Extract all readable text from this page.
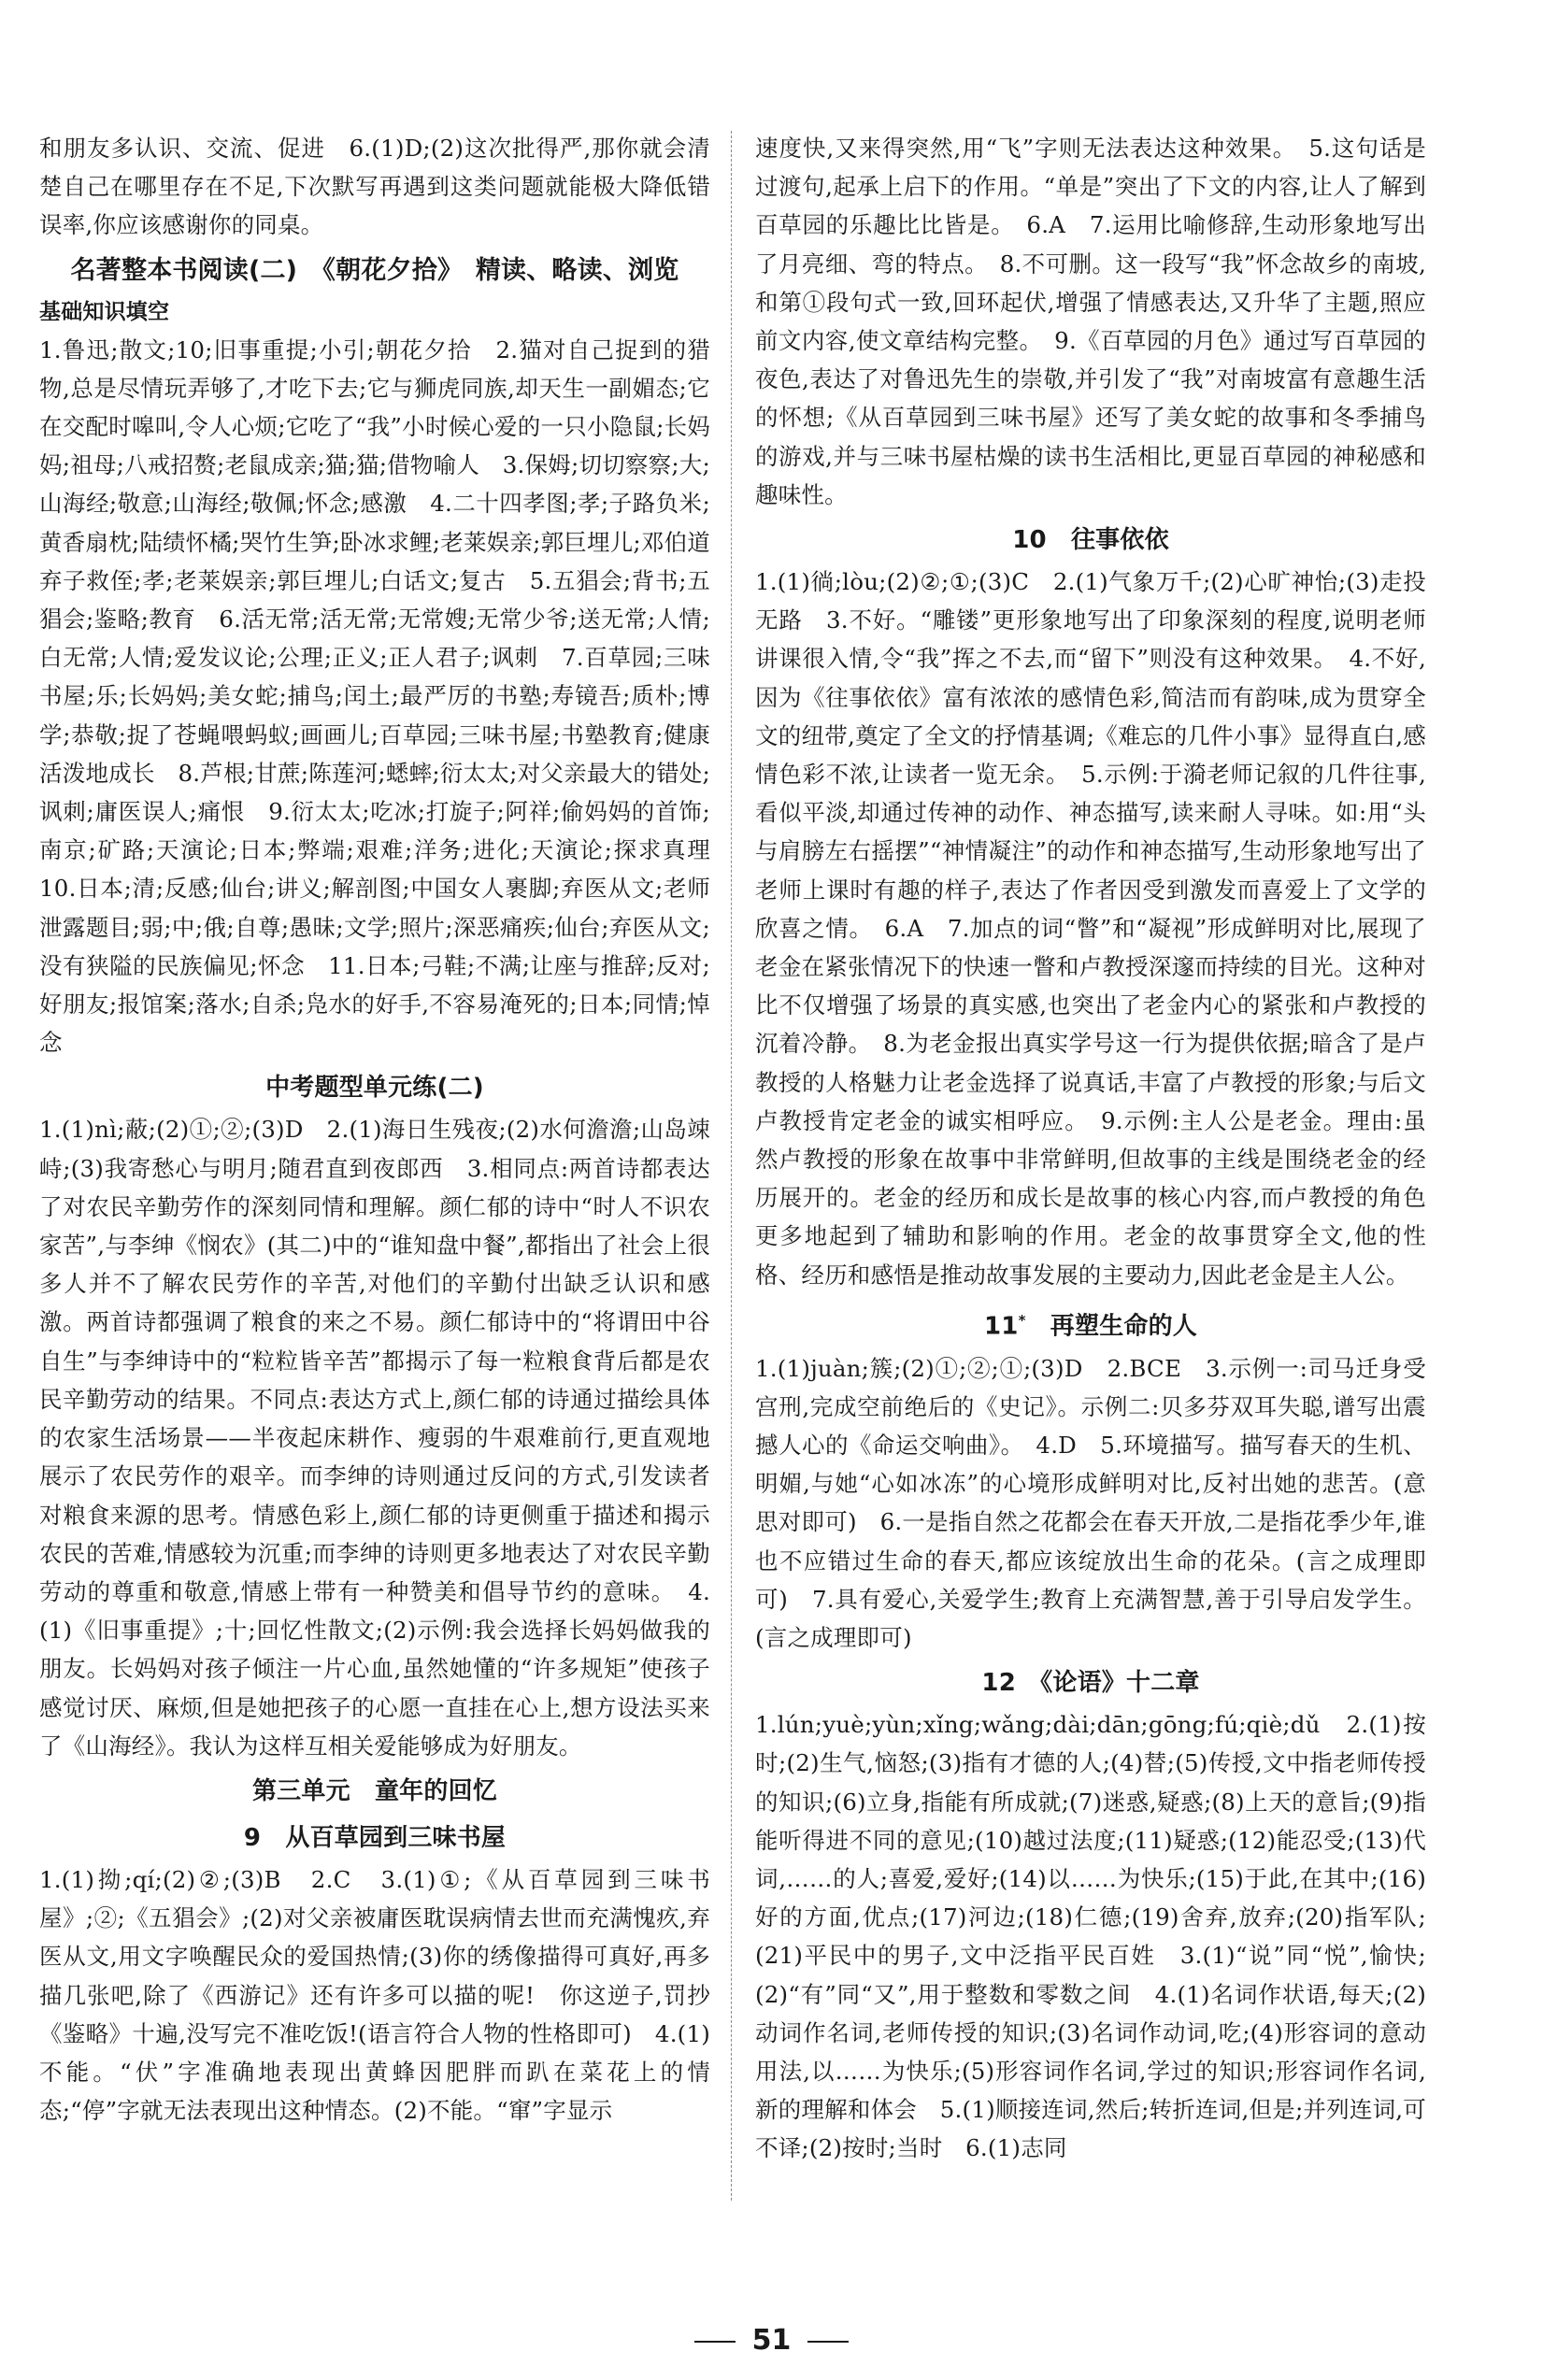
和朋友多认识、交流、促进　6.(1)D;(2)这次批得严,那你就会清楚自己在哪里存在不足,下次默写再遇到这类问题就能极大降低错误率,你应该感谢你的同桌。

名著整本书阅读(二)　《朝花夕拾》　精读、略读、浏览
基础知识填空

1.鲁迅;散文;10;旧事重提;小引;朝花夕拾　2.猫对自己捉到的猎物,总是尽情玩弄够了,才吃下去;它与狮虎同族,却天生一副媚态;它在交配时嗥叫,令人心烦;它吃了“我”小时候心爱的一只小隐鼠;长妈妈;祖母;八戒招赘;老鼠成亲;猫;猫;借物喻人　3.保姆;切切察察;大;山海经;敬意;山海经;敬佩;怀念;感激　4.二十四孝图;孝;子路负米;黄香扇枕;陆绩怀橘;哭竹生笋;卧冰求鲤;老莱娱亲;郭巨埋儿;邓伯道弃子救侄;孝;老莱娱亲;郭巨埋儿;白话文;复古　5.五猖会;背书;五猖会;鉴略;教育　6.活无常;活无常;无常嫂;无常少爷;送无常;人情;白无常;人情;爱发议论;公理;正义;正人君子;讽刺　7.百草园;三味书屋;乐;长妈妈;美女蛇;捕鸟;闰土;最严厉的书塾;寿镜吾;质朴;博学;恭敬;捉了苍蝇喂蚂蚁;画画儿;百草园;三味书屋;书塾教育;健康活泼地成长　8.芦根;甘蔗;陈莲河;蟋蟀;衍太太;对父亲最大的错处;讽刺;庸医误人;痛恨　9.衍太太;吃冰;打旋子;阿祥;偷妈妈的首饰;南京;矿路;天演论;日本;弊端;艰难;洋务;进化;天演论;探求真理　10.日本;清;反感;仙台;讲义;解剖图;中国女人裹脚;弃医从文;老师泄露题目;弱;中;俄;自尊;愚昧;文学;照片;深恶痛疾;仙台;弃医从文;没有狭隘的民族偏见;怀念　11.日本;弓鞋;不满;让座与推辞;反对;好朋友;报馆案;落水;自杀;凫水的好手,不容易淹死的;日本;同情;悼念

中考题型单元练(二)

1.(1)nì;蔽;(2)①;②;(3)D　2.(1)海日生残夜;(2)水何澹澹;山岛竦峙;(3)我寄愁心与明月;随君直到夜郎西　3.相同点:两首诗都表达了对农民辛勤劳作的深刻同情和理解。颜仁郁的诗中“时人不识农家苦”,与李绅《悯农》(其二)中的“谁知盘中餐”,都指出了社会上很多人并不了解农民劳作的辛苦,对他们的辛勤付出缺乏认识和感激。两首诗都强调了粮食的来之不易。颜仁郁诗中的“将谓田中谷自生”与李绅诗中的“粒粒皆辛苦”都揭示了每一粒粮食背后都是农民辛勤劳动的结果。不同点:表达方式上,颜仁郁的诗通过描绘具体的农家生活场景——半夜起床耕作、瘦弱的牛艰难前行,更直观地展示了农民劳作的艰辛。而李绅的诗则通过反问的方式,引发读者对粮食来源的思考。情感色彩上,颜仁郁的诗更侧重于描述和揭示农民的苦难,情感较为沉重;而李绅的诗则更多地表达了对农民辛勤劳动的尊重和敬意,情感上带有一种赞美和倡导节约的意味。　4.(1)《旧事重提》;十;回忆性散文;(2)示例:我会选择长妈妈做我的朋友。长妈妈对孩子倾注一片心血,虽然她懂的“许多规矩”使孩子感觉讨厌、麻烦,但是她把孩子的心愿一直挂在心上,想方设法买来了《山海经》。我认为这样互相关爱能够成为好朋友。

第三单元　童年的回忆
9　从百草园到三味书屋

1.(1)拗;qí;(2)②;(3)B　2.C　3.(1)①;《从百草园到三味书屋》;②;《五猖会》;(2)对父亲被庸医耽误病情去世而充满愧疚,弃医从文,用文字唤醒民众的爱国热情;(3)你的绣像描得可真好,再多描几张吧,除了《西游记》还有许多可以描的呢!　你这逆子,罚抄《鉴略》十遍,没写完不准吃饭!(语言符合人物的性格即可)　4.(1)不能。“伏”字准确地表现出黄蜂因肥胖而趴在菜花上的情态;“停”字就无法表现出这种情态。(2)不能。“窜”字显示

速度快,又来得突然,用“飞”字则无法表达这种效果。　5.这句话是过渡句,起承上启下的作用。“单是”突出了下文的内容,让人了解到百草园的乐趣比比皆是。　6.A　7.运用比喻修辞,生动形象地写出了月亮细、弯的特点。　8.不可删。这一段写“我”怀念故乡的南坡,和第①段句式一致,回环起伏,增强了情感表达,又升华了主题,照应前文内容,使文章结构完整。　9.《百草园的月色》通过写百草园的夜色,表达了对鲁迅先生的崇敬,并引发了“我”对南坡富有意趣生活的怀想;《从百草园到三味书屋》还写了美女蛇的故事和冬季捕鸟的游戏,并与三味书屋枯燥的读书生活相比,更显百草园的神秘感和趣味性。

10　往事依依

1.(1)徜;lòu;(2)②;①;(3)C　2.(1)气象万千;(2)心旷神怡;(3)走投无路　3.不好。“雕镂”更形象地写出了印象深刻的程度,说明老师讲课很入情,令“我”挥之不去,而“留下”则没有这种效果。　4.不好,因为《往事依依》富有浓浓的感情色彩,简洁而有韵味,成为贯穿全文的纽带,奠定了全文的抒情基调;《难忘的几件小事》显得直白,感情色彩不浓,让读者一览无余。　5.示例:于漪老师记叙的几件往事,看似平淡,却通过传神的动作、神态描写,读来耐人寻味。如:用“头与肩膀左右摇摆”“神情凝注”的动作和神态描写,生动形象地写出了老师上课时有趣的样子,表达了作者因受到激发而喜爱上了文学的欣喜之情。　6.A　7.加点的词“瞥”和“凝视”形成鲜明对比,展现了老金在紧张情况下的快速一瞥和卢教授深邃而持续的目光。这种对比不仅增强了场景的真实感,也突出了老金内心的紧张和卢教授的沉着冷静。　8.为老金报出真实学号这一行为提供依据;暗含了是卢教授的人格魅力让老金选择了说真话,丰富了卢教授的形象;与后文卢教授肯定老金的诚实相呼应。　9.示例:主人公是老金。理由:虽然卢教授的形象在故事中非常鲜明,但故事的主线是围绕老金的经历展开的。老金的经历和成长是故事的核心内容,而卢教授的角色更多地起到了辅助和影响的作用。老金的故事贯穿全文,他的性格、经历和感悟是推动故事发展的主要动力,因此老金是主人公。

11*　再塑生命的人

1.(1)juàn;簇;(2)①;②;①;(3)D　2.BCE　3.示例一:司马迁身受宫刑,完成空前绝后的《史记》。示例二:贝多芬双耳失聪,谱写出震撼人心的《命运交响曲》。　4.D　5.环境描写。描写春天的生机、明媚,与她“心如冰冻”的心境形成鲜明对比,反衬出她的悲苦。(意思对即可)　6.一是指自然之花都会在春天开放,二是指花季少年,谁也不应错过生命的春天,都应该绽放出生命的花朵。(言之成理即可)　7.具有爱心,关爱学生;教育上充满智慧,善于引导启发学生。(言之成理即可)

12　《论语》十二章

1.lún;yuè;yùn;xǐng;wǎng;dài;dān;gōng;fú;qiè;dǔ　2.(1)按时;(2)生气,恼怒;(3)指有才德的人;(4)替;(5)传授,文中指老师传授的知识;(6)立身,指能有所成就;(7)迷惑,疑惑;(8)上天的意旨;(9)指能听得进不同的意见;(10)越过法度;(11)疑惑;(12)能忍受;(13)代词,……的人;喜爱,爱好;(14)以……为快乐;(15)于此,在其中;(16)好的方面,优点;(17)河边;(18)仁德;(19)舍弃,放弃;(20)指军队;(21)平民中的男子,文中泛指平民百姓　3.(1)“说”同“悦”,愉快;(2)“有”同“又”,用于整数和零数之间　4.(1)名词作状语,每天;(2)动词作名词,老师传授的知识;(3)名词作动词,吃;(4)形容词的意动用法,以……为快乐;(5)形容词作名词,学过的知识;形容词作名词,新的理解和体会　5.(1)顺接连词,然后;转折连词,但是;并列连词,可不译;(2)按时;当时　6.(1)志同

51
